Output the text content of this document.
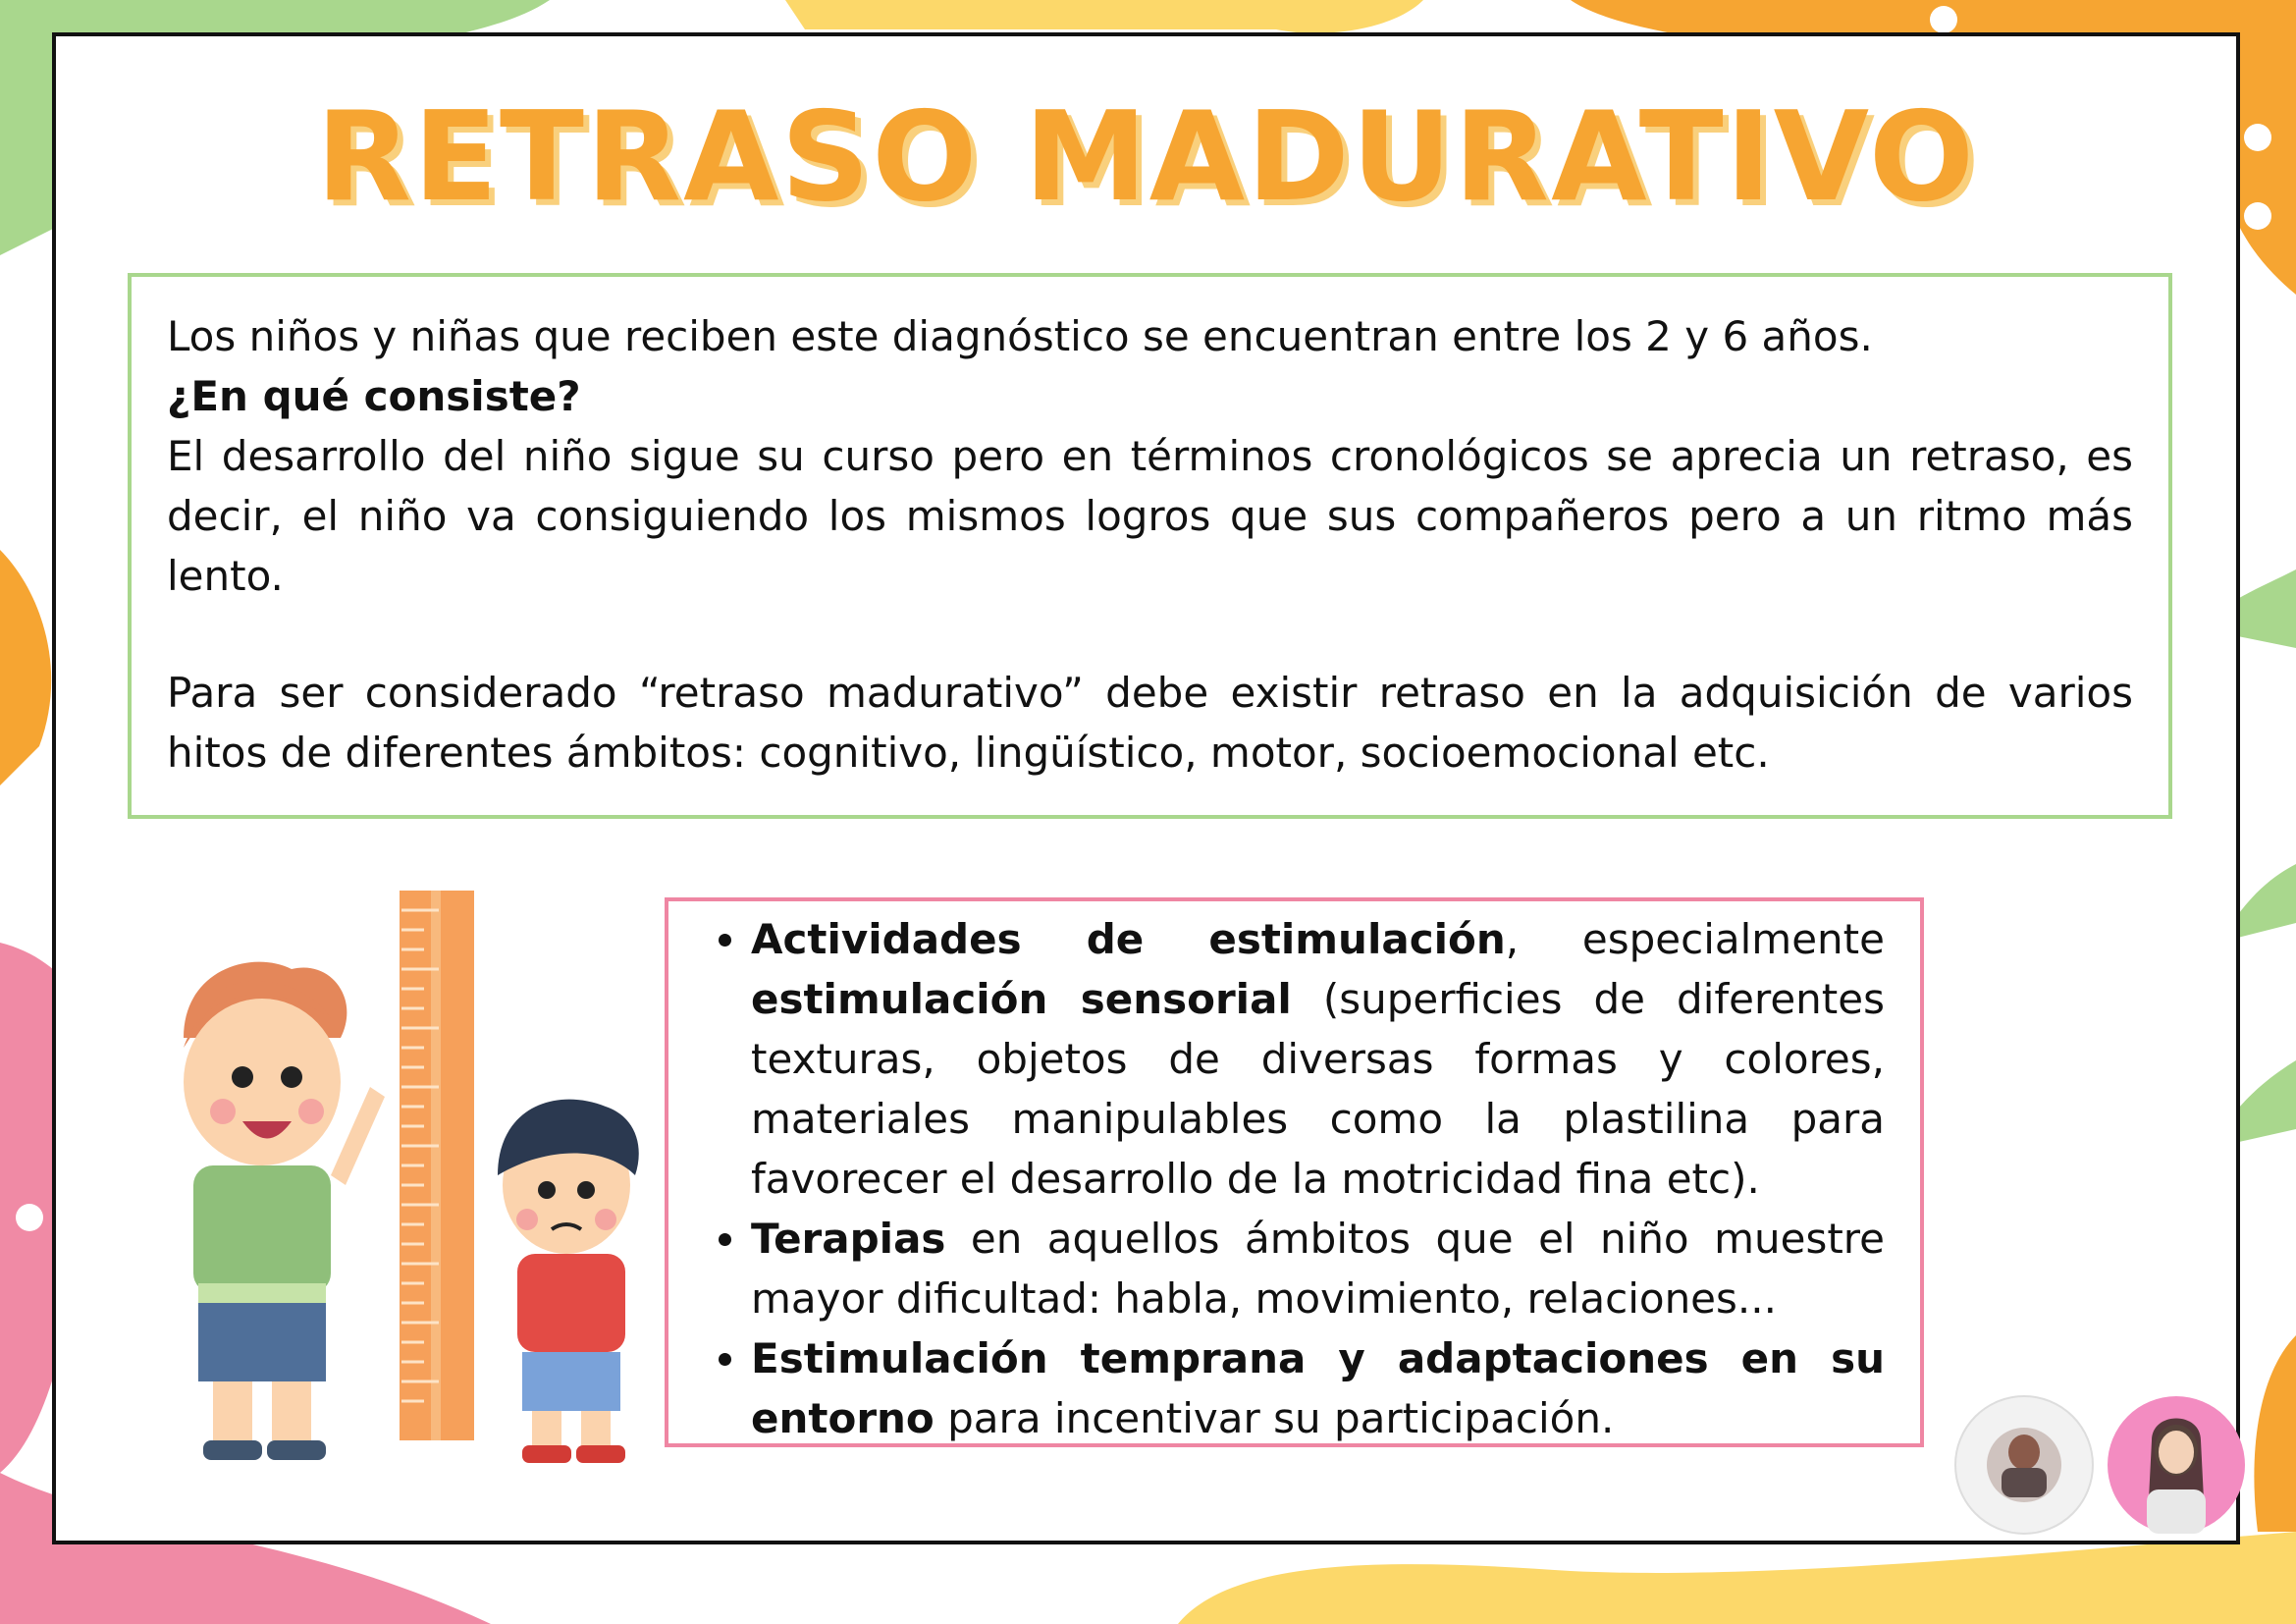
RETRASO MADURATIVO

Los niños y niñas que reciben este diagnóstico se encuentran entre los 2 y 6 años.

¿En qué consiste?

El desarrollo del niño sigue su curso pero en términos cronológicos se aprecia un retraso, es decir, el niño va consiguiendo los mismos logros que sus compañeros pero a un ritmo más lento.

Para ser considerado “retraso madurativo” debe existir retraso en la adquisición de varios hitos de diferentes ámbitos: cognitivo, lingüístico, motor, socioemocional etc.

• Actividades de estimulación, especialmente estimulación sensorial (superficies de diferentes texturas, objetos de diversas formas y colores, materiales manipulables como la plastilina para favorecer el desarrollo de la motricidad fina etc).
• Terapias en aquellos ámbitos que el niño muestre mayor dificultad: habla, movimiento, relaciones...
• Estimulación temprana y adaptaciones en su entorno para incentivar su participación.
